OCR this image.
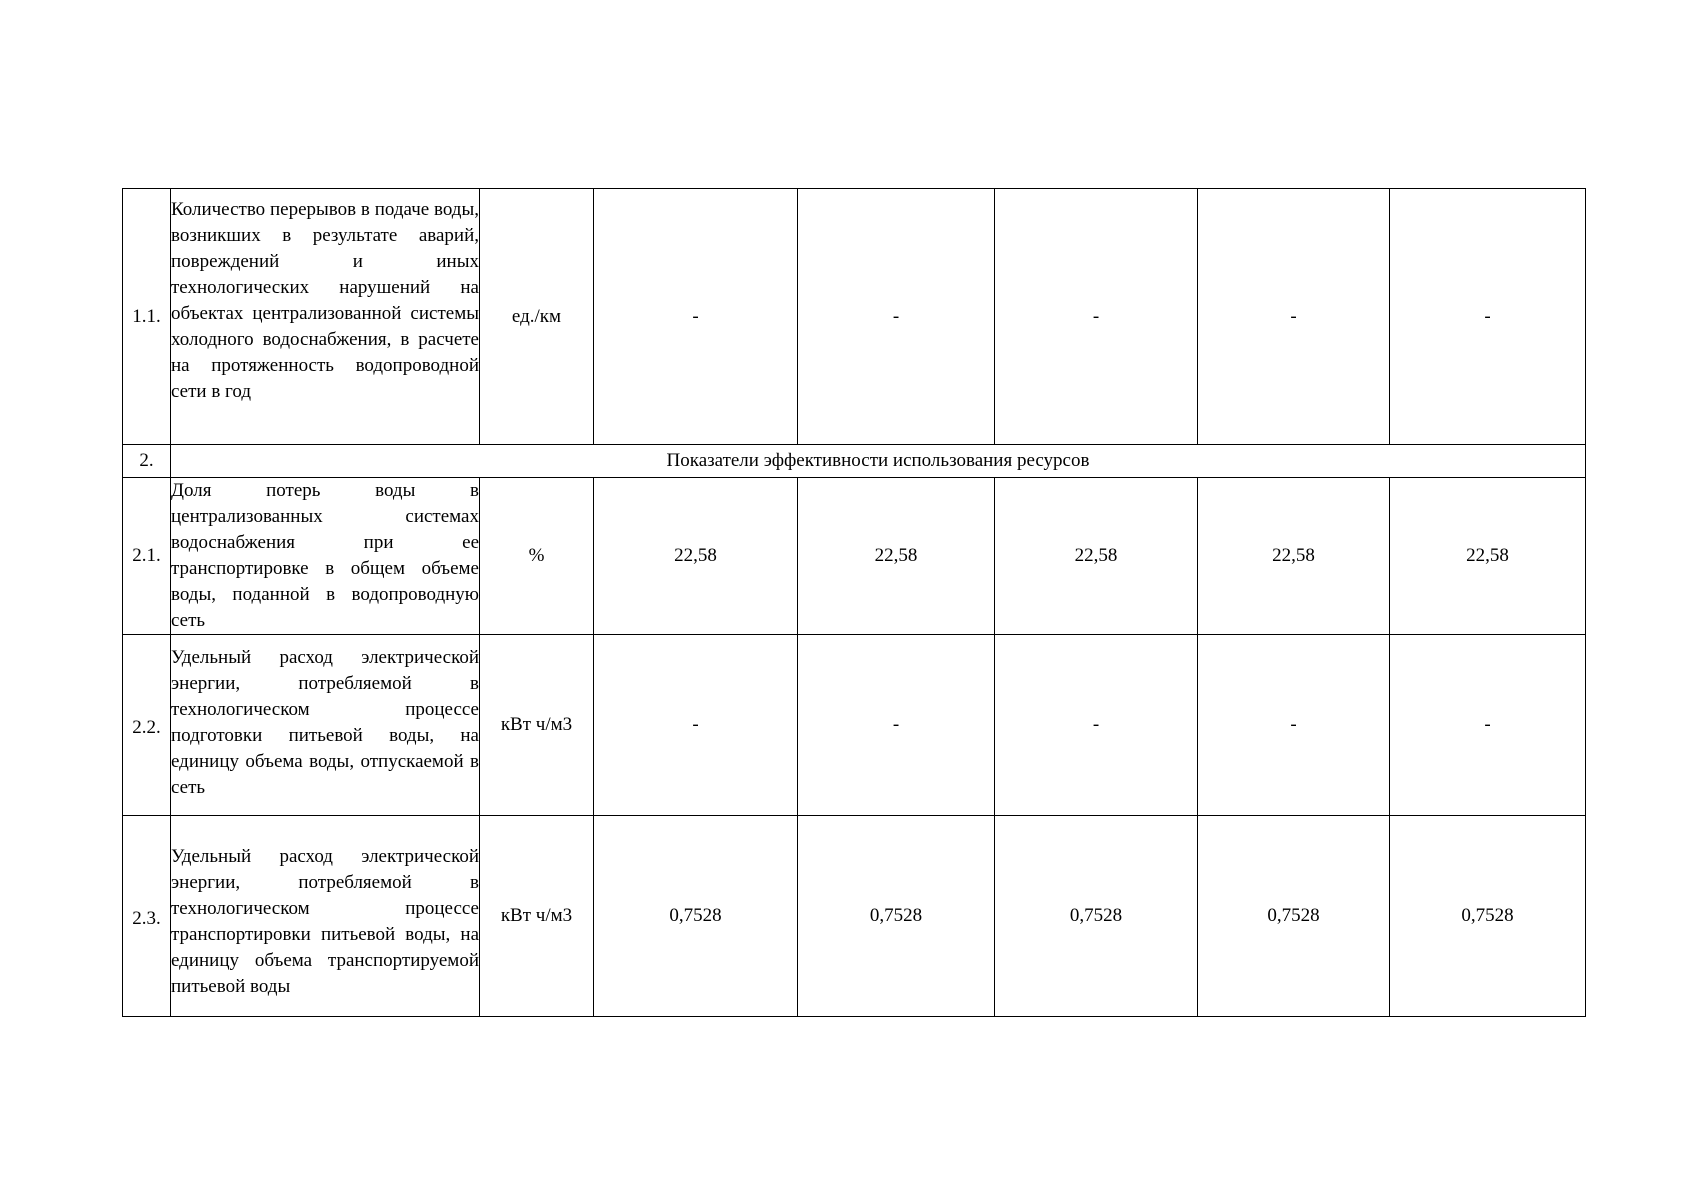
1.1.	Количество перерывов в подаче воды, возникших в результате аварий, повреждений и иных технологических нарушений на объектах централизованной системы холодного водоснабжения, в расчете на протяженность водопроводной сети в год	ед./км	-	-	-	-	-
2.	Показатели эффективности использования ресурсов						
2.1.	Доля потерь воды в централизованных системах водоснабжения при ее транспортировке в общем объеме воды, поданной в водопроводную сеть	%	22,58	22,58	22,58	22,58	22,58
2.2.	Удельный расход электрической энергии, потребляемой в технологическом процессе подготовки питьевой воды, на единицу объема воды, отпускаемой в сеть	кВт ч/м3	-	-	-	-	-
2.3.	Удельный расход электрической энергии, потребляемой в технологическом процессе транспортировки питьевой воды, на единицу объема транспортируемой питьевой воды	кВт ч/м3	0,7528	0,7528	0,7528	0,7528	0,7528
